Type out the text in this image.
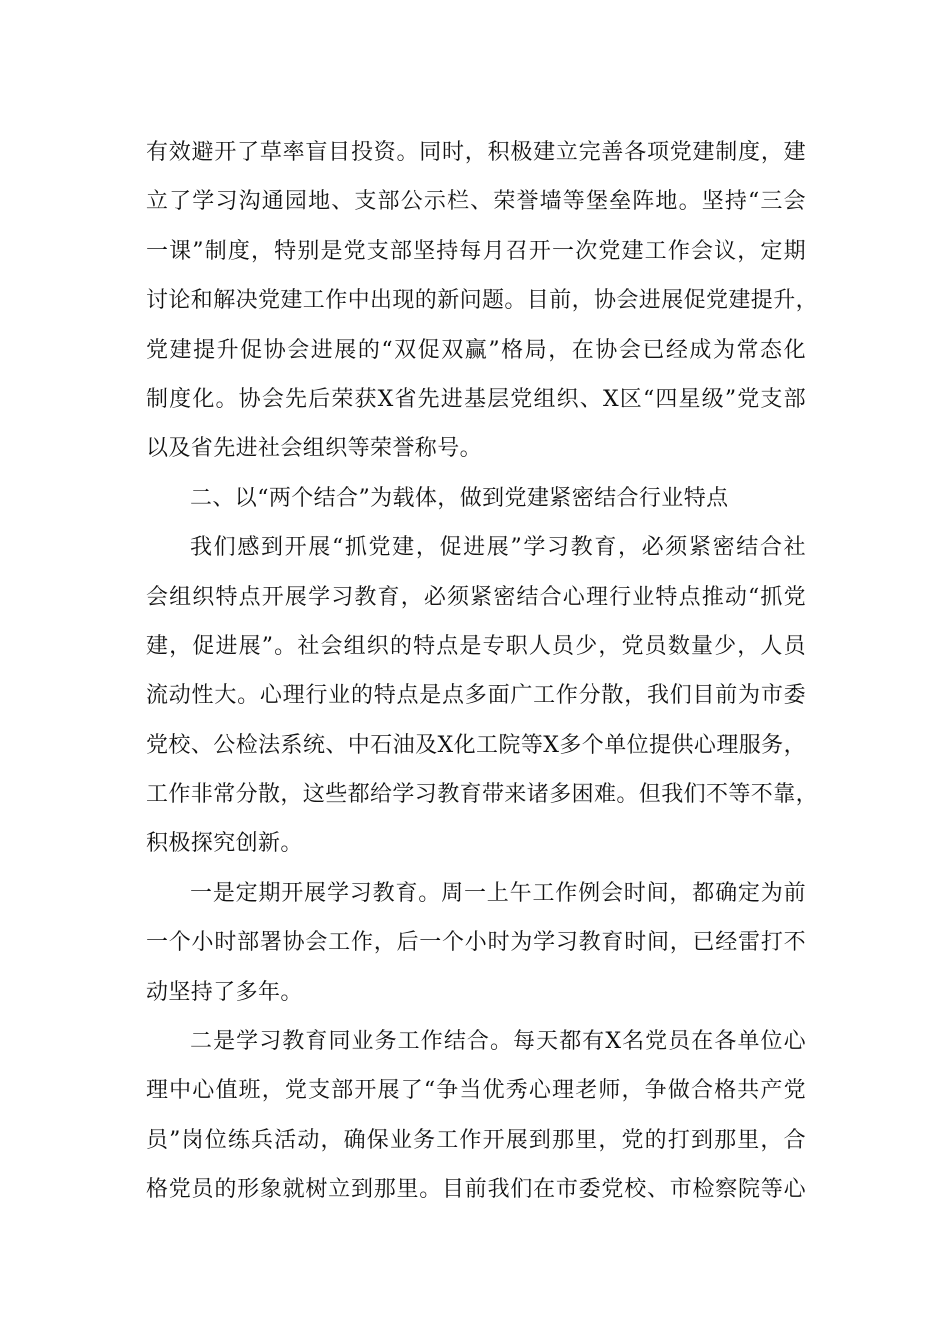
有效避开了草率盲目投资。同时，积极建立完善各项党建制度，建
立了学习沟通园地、支部公示栏、荣誉墙等堡垒阵地。坚持“三会
一课”制度，特别是党支部坚持每月召开一次党建工作会议，定期
讨论和解决党建工作中出现的新问题。目前，协会进展促党建提升，
党建提升促协会进展的“双促双赢”格局，在协会已经成为常态化
制度化。协会先后荣获X省先进基层党组织、X区“四星级”党支部
以及省先进社会组织等荣誉称号。
二、以“两个结合”为载体，做到党建紧密结合行业特点
我们感到开展“抓党建，促进展”学习教育，必须紧密结合社
会组织特点开展学习教育，必须紧密结合心理行业特点推动“抓党
建，促进展”。社会组织的特点是专职人员少，党员数量少，人员
流动性大。心理行业的特点是点多面广工作分散，我们目前为市委
党校、公检法系统、中石油及X化工院等X多个单位提供心理服务，
工作非常分散，这些都给学习教育带来诸多困难。但我们不等不靠，
积极探究创新。
一是定期开展学习教育。周一上午工作例会时间，都确定为前
一个小时部署协会工作，后一个小时为学习教育时间，已经雷打不
动坚持了多年。
二是学习教育同业务工作结合。每天都有X名党员在各单位心
理中心值班，党支部开展了“争当优秀心理老师，争做合格共产党
员”岗位练兵活动，确保业务工作开展到那里，党的打到那里，合
格党员的形象就树立到那里。目前我们在市委党校、市检察院等心
